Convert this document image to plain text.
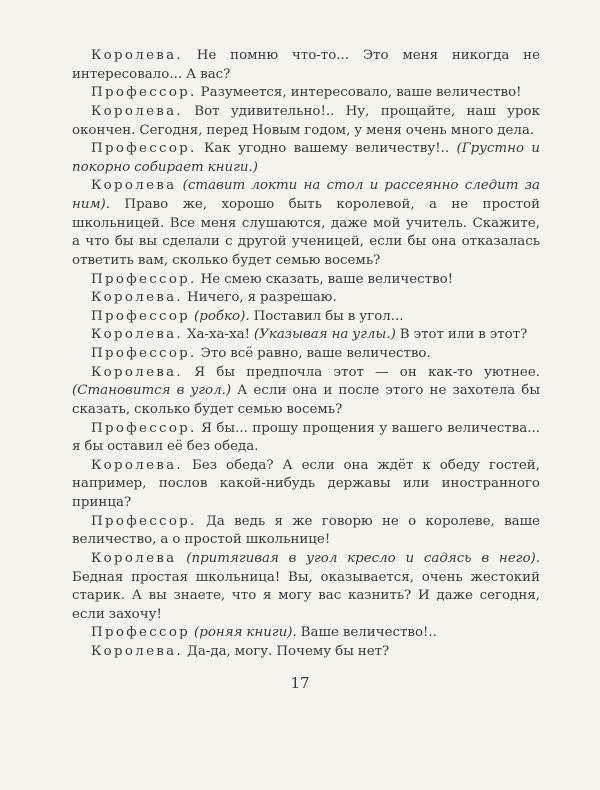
Королева. Не помню что-то... Это меня никогда не интересовало... А вас?

Профессор. Разумеется, интересовало, ваше величество!

Королева. Вот удивительно!.. Ну, прощайте, наш урок окончен. Сегодня, перед Новым годом, у меня очень много дела.

Профессор. Как угодно вашему величеству!.. (Грустно и покорно собирает книги.)

Королева (ставит локти на стол и рассеянно следит за ним). Право же, хорошо быть королевой, а не простой школьницей. Все меня слушаются, даже мой учитель. Скажите, а что бы вы сделали с другой ученицей, если бы она отказалась ответить вам, сколько будет семью восемь?

Профессор. Не смею сказать, ваше величество!

Королева. Ничего, я разрешаю.

Профессор (робко). Поставил бы в угол...

Королева. Ха-ха-ха! (Указывая на углы.) В этот или в этот?

Профессор. Это всё равно, ваше величество.

Королева. Я бы предпочла этот — он как-то уютнее. (Становится в угол.) А если она и после этого не захотела бы сказать, сколько будет семью восемь?

Профессор. Я бы... прошу прощения у вашего величества... я бы оставил её без обеда.

Королева. Без обеда? А если она ждёт к обеду гостей, например, послов какой-нибудь державы или иностранного принца?

Профессор. Да ведь я же говорю не о королеве, ваше величество, а о простой школьнице!

Королева (притягивая в угол кресло и садясь в него). Бедная простая школьница! Вы, оказывается, очень жестокий старик. А вы знаете, что я могу вас казнить? И даже сегодня, если захочу!

Профессор (роняя книги). Ваше величество!..

Королева. Да-да, могу. Почему бы нет?

17
